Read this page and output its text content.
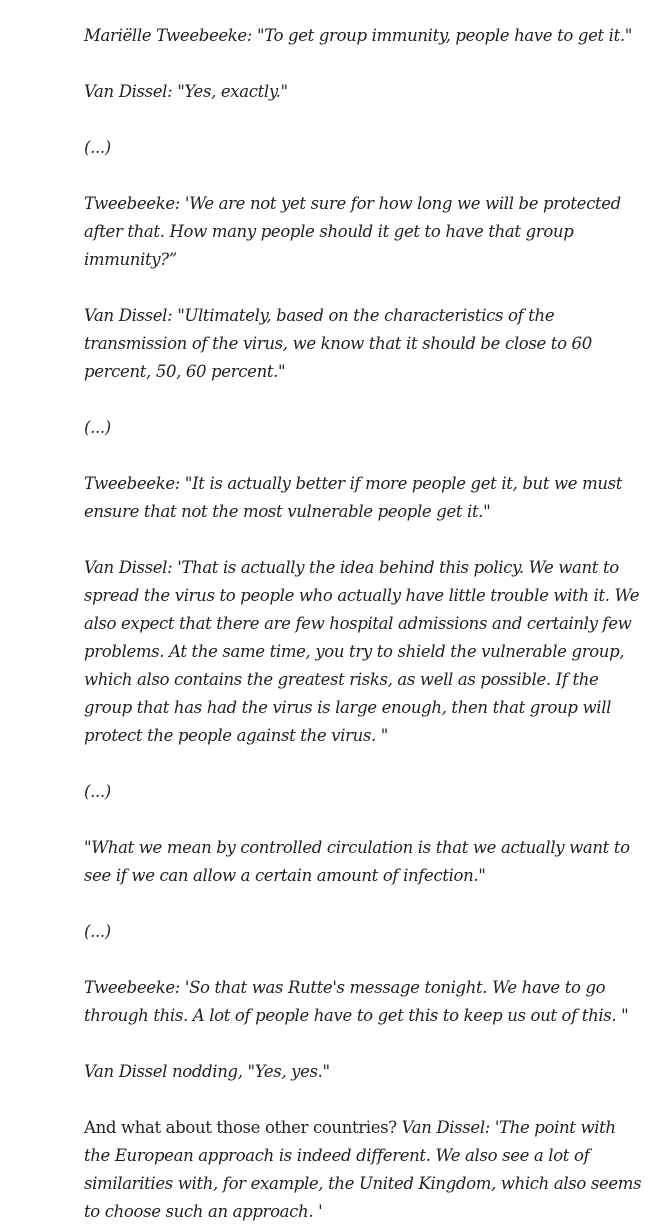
Mariëlle Tweebeeke: "To get group immunity, people have to get it."

Van Dissel: "Yes, exactly."

(...)

Tweebeeke: 'We are not yet sure for how long we will be protected after that. How many people should it get to have that group immunity?”

Van Dissel: "Ultimately, based on the characteristics of the transmission of the virus, we know that it should be close to 60 percent, 50, 60 percent."

(...)

Tweebeeke: "It is actually better if more people get it, but we must ensure that not the most vulnerable people get it."

Van Dissel: 'That is actually the idea behind this policy. We want to spread the virus to people who actually have little trouble with it. We also expect that there are few hospital admissions and certainly few problems. At the same time, you try to shield the vulnerable group, which also contains the greatest risks, as well as possible. If the group that has had the virus is large enough, then that group will protect the people against the virus. "

(...)

"What we mean by controlled circulation is that we actually want to see if we can allow a certain amount of infection."

(...)

Tweebeeke: 'So that was Rutte's message tonight. We have to go through this. A lot of people have to get this to keep us out of this. "

Van Dissel nodding, "Yes, yes."

And what about those other countries? Van Dissel: 'The point with the European approach is indeed different. We also see a lot of similarities with, for example, the United Kingdom, which also seems to choose such an approach. '
